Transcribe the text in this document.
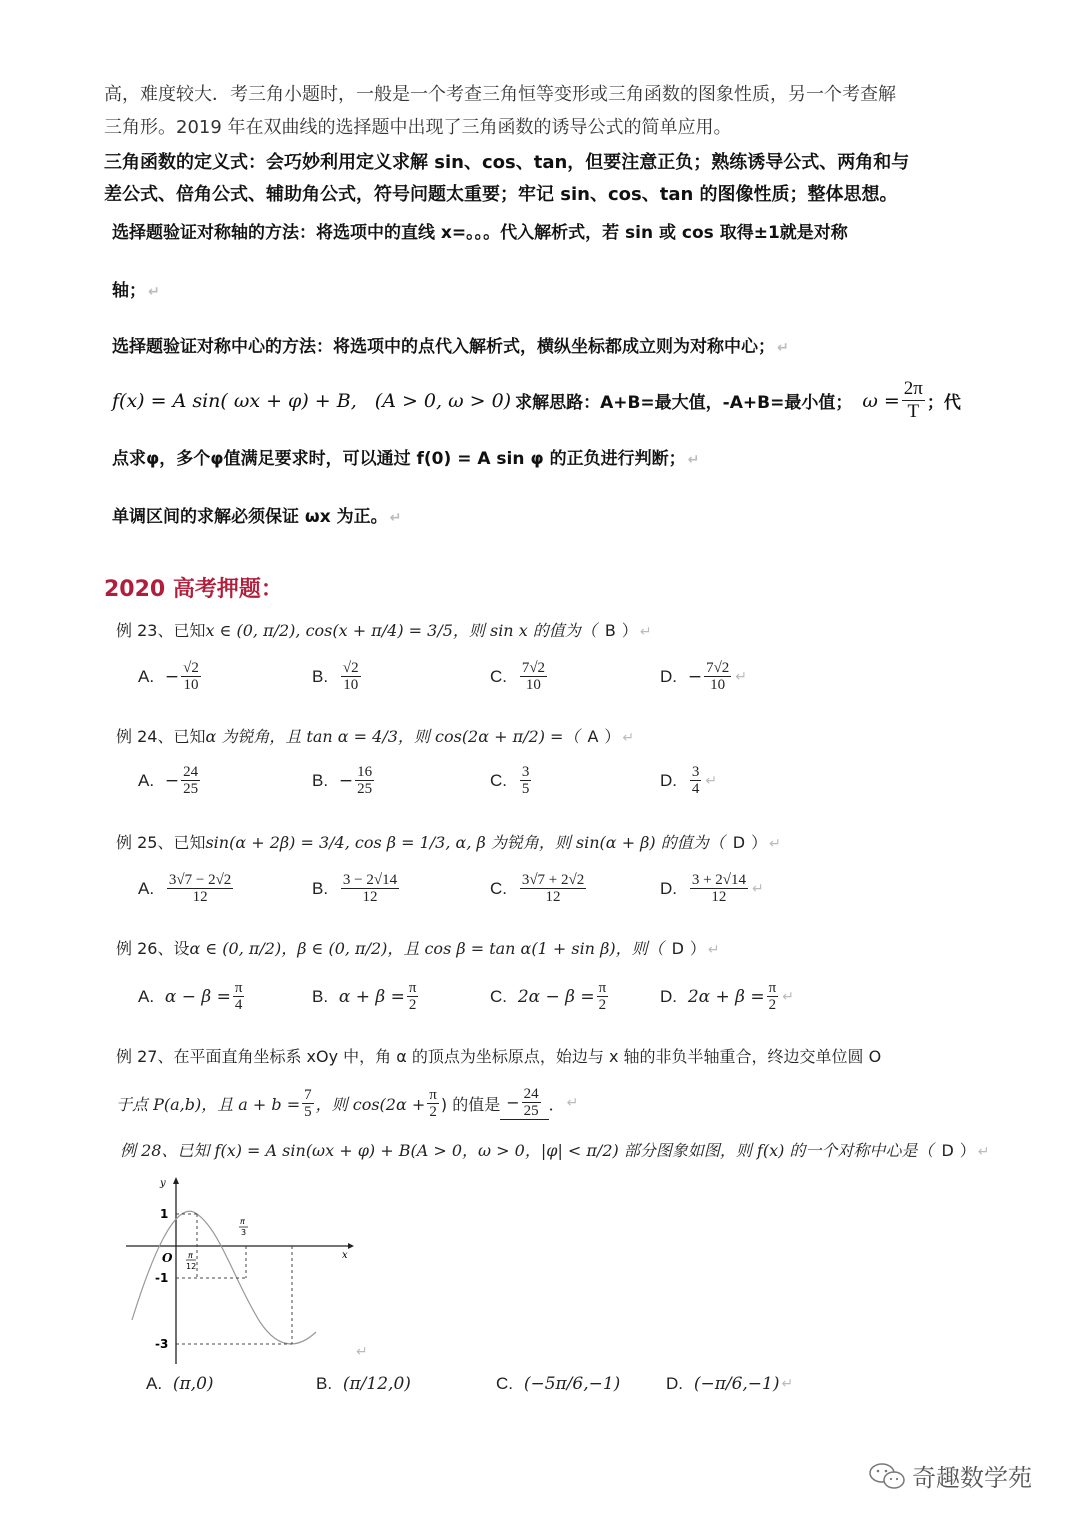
高，难度较大．考三角小题时，一般是一个考查三角恒等变形或三角函数的图象性质，另一个考查解
三角形。2019 年在双曲线的选择题中出现了三角函数的诱导公式的简单应用。
三角函数的定义式：会巧妙利用定义求解 sin、cos、tan，但要注意正负；熟练诱导公式、两角和与
差公式、倍角公式、辅助角公式，符号问题太重要；牢记 sin、cos、tan 的图像性质；整体思想。
选择题验证对称轴的方法：将选项中的直线 x=。。。代入解析式，若 sin 或 cos 取得±1就是对称
轴； ↵
选择题验证对称中心的方法：将选项中的点代入解析式，横纵坐标都成立则为对称中心； ↵
f(x) = A sin( ωx + φ) + B, (A > 0, ω > 0) 求解思路：A+B=最大值，-A+B=最小值； $\omega = \frac{2\pi}{T}$ ；代
点求φ，多个φ值满足要求时，可以通过 f(0) = A sin φ 的正负进行判断； ↵
单调区间的求解必须保证 ωx 为正。 ↵
2020 高考押题：
例 23、已知x ∈ (0, π/2), cos(x + π/4) = 3/5，则 sin x 的值为（ B ） ↵
A.
− $\frac{√2}{10}$	B.
√2
10	C.
7√2
10	D.
− $\frac{7√2}{10}$ ↵
例 24、已知α 为锐角，且 tan α = 4/3，则 cos(2α + π/2) =（ A ） ↵
A.
− $\frac{24}{25}$	B.
− $\frac{16}{25}$	C.
3
5	D.
3
4
↵
例 25、已知sin(α + 2β) = 3/4, cos β = 1/3, α, β 为锐角，则 sin(α + β) 的值为（ D ） ↵
A.
3√7 − 2√2
12	B.
3 − 2√14
12	C.
3√7 + 2√2
12	D.
3 + 2√14
12
↵
例 26、设α ∈ (0, π/2)，β ∈ (0, π/2)，且 cos β = tan α(1 + sin β)，则（ D ） ↵
A.
$\alpha - \beta = \frac{\pi}{4}$	B.
$\alpha + \beta = \frac{\pi}{2}$	C.
$2\alpha - \beta = \frac{\pi}{2}$	D.
$2\alpha + \beta = \frac{\pi}{2}$ ↵
例 27、在平面直角坐标系 xOy 中，角 α 的顶点为坐标原点，始边与 x 轴的非负半轴重合，终边交单位圆 O
于点 P(a,b)，且 $a + b = \frac{7}{5}$ ，则 $\cos(2\alpha + \frac{\pi}{2}$ ) 的值是 − $\frac{24}{25}$ ． ↵
例 28、已知 f(x) = A sin(ωx + φ) + B(A > 0，ω > 0，|φ| < π/2) 部分图象如图，则 f(x) 的一个对称中心是（ D ） ↵
x
y
O
1
-1
-3
π
12
π
3
↵
A.
(π,0)	B.
(π/12,0)	C.
(−5π/6,−1)	D.
(−π/6,−1) ↵
奇趣数学苑
